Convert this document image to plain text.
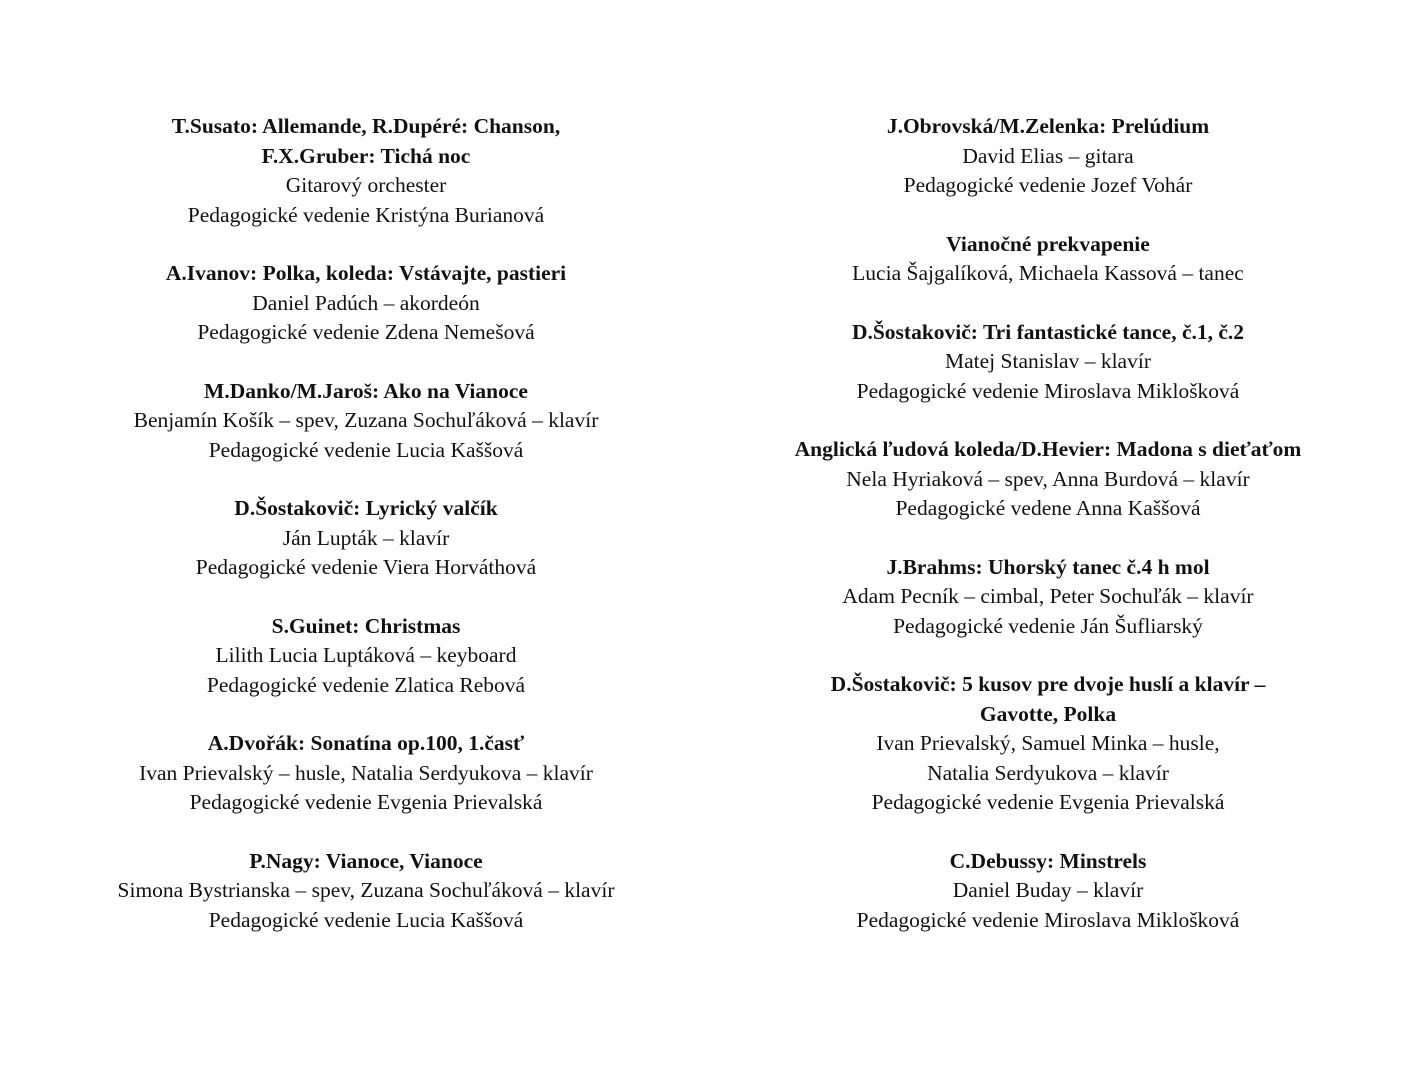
T.Susato: Allemande, R.Dupéré: Chanson,
F.X.Gruber: Tichá noc
Gitarový orchester
Pedagogické vedenie Kristýna Burianová
A.Ivanov: Polka, koleda: Vstávajte, pastieri
Daniel Padúch – akordeón
Pedagogické vedenie Zdena Nemešová
M.Danko/M.Jaroš: Ako na Vianoce
Benjamín Košík – spev, Zuzana Sochuľáková – klavír
Pedagogické vedenie Lucia Kaššová
D.Šostakovič: Lyrický valčík
Ján Lupták – klavír
Pedagogické vedenie Viera Horváthová
S.Guinet: Christmas
Lilith Lucia Luptáková – keyboard
Pedagogické vedenie Zlatica Rebová
A.Dvořák: Sonatína op.100, 1.časť
Ivan Prievalský – husle, Natalia Serdyukova – klavír
Pedagogické vedenie Evgenia Prievalská
P.Nagy: Vianoce, Vianoce
Simona Bystrianska – spev, Zuzana Sochuľáková – klavír
Pedagogické vedenie Lucia Kaššová
J.Obrovská/M.Zelenka: Prelúdium
David Elias – gitara
Pedagogické vedenie Jozef Vohár
Vianočné prekvapenie
Lucia Šajgalíková, Michaela Kassová – tanec
D.Šostakovič: Tri fantastické tance, č.1, č.2
Matej Stanislav – klavír
Pedagogické vedenie Miroslava Miklošková
Anglická ľudová koleda/D.Hevier: Madona s dieťaťom
Nela Hyriaková – spev, Anna Burdová – klavír
Pedagogické vedene Anna Kaššová
J.Brahms: Uhorský tanec č.4 h mol
Adam Pecník – cimbal, Peter Sochuľák – klavír
Pedagogické vedenie Ján Šufliarský
D.Šostakovič: 5 kusov pre dvoje huslí a klavír –
Gavotte, Polka
Ivan Prievalský, Samuel Minka – husle,
Natalia Serdyukova – klavír
Pedagogické vedenie Evgenia Prievalská
C.Debussy: Minstrels
Daniel Buday – klavír
Pedagogické vedenie Miroslava Miklošková
